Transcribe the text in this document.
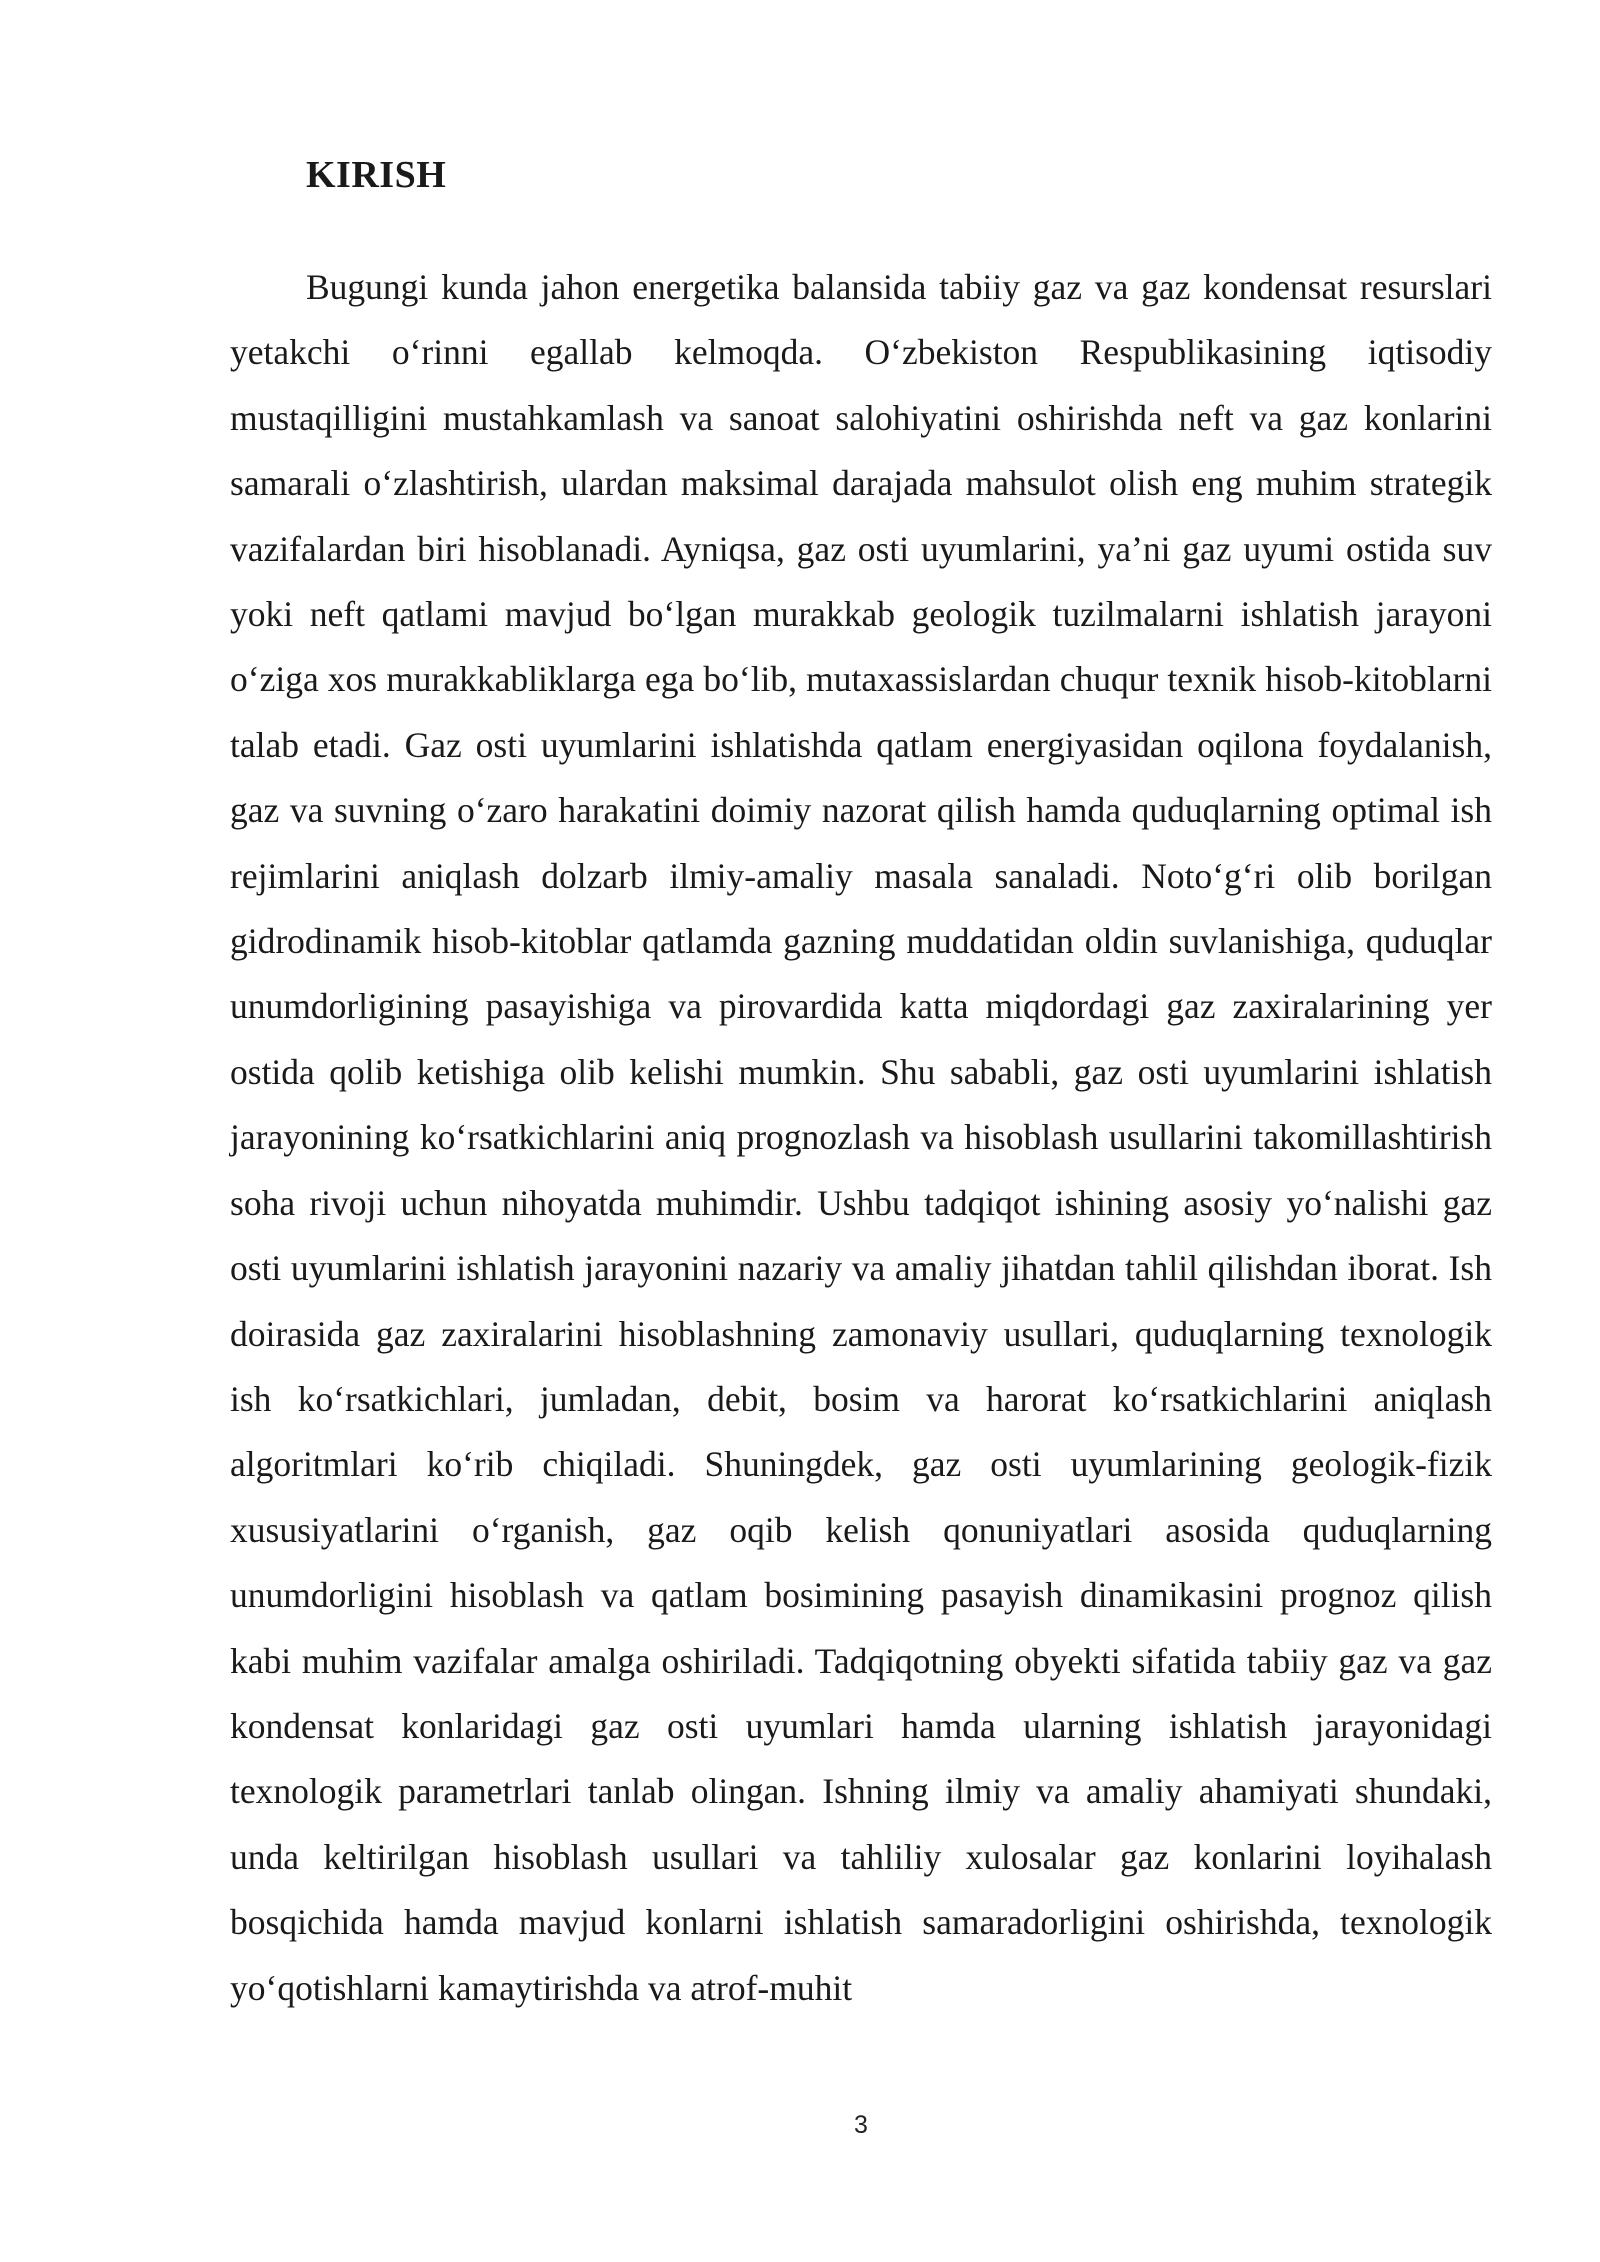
KIRISH

Bugungi kunda jahon energetika balansida tabiiy gaz va gaz kondensat resurslari yetakchi o‘rinni egallab kelmoqda. O‘zbekiston Respublikasining iqtisodiy mustaqilligini mustahkamlash va sanoat salohiyatini oshirishda neft va gaz konlarini samarali o‘zlashtirish, ulardan maksimal darajada mahsulot olish eng muhim strategik vazifalardan biri hisoblanadi. Ayniqsa, gaz osti uyumlarini, ya’ni gaz uyumi ostida suv yoki neft qatlami mavjud bo‘lgan murakkab geologik tuzilmalarni ishlatish jarayoni o‘ziga xos murakkabliklarga ega bo‘lib, mutaxassislardan chuqur texnik hisob-kitoblarni talab etadi. Gaz osti uyumlarini ishlatishda qatlam energiyasidan oqilona foydalanish, gaz va suvning o‘zaro harakatini doimiy nazorat qilish hamda quduqlarning optimal ish rejimlarini aniqlash dolzarb ilmiy-amaliy masala sanaladi. Noto‘g‘ri olib borilgan gidrodinamik hisob-kitoblar qatlamda gazning muddatidan oldin suvlanishiga, quduqlar unumdorligining pasayishiga va pirovardida katta miqdordagi gaz zaxiralarining yer ostida qolib ketishiga olib kelishi mumkin. Shu sababli, gaz osti uyumlarini ishlatish jarayonining ko‘rsatkichlarini aniq prognozlash va hisoblash usullarini takomillashtirish soha rivoji uchun nihoyatda muhimdir. Ushbu tadqiqot ishining asosiy yo‘nalishi gaz osti uyumlarini ishlatish jarayonini nazariy va amaliy jihatdan tahlil qilishdan iborat. Ish doirasida gaz zaxiralarini hisoblashning zamonaviy usullari, quduqlarning texnologik ish ko‘rsatkichlari, jumladan, debit, bosim va harorat ko‘rsatkichlarini aniqlash algoritmlari ko‘rib chiqiladi. Shuningdek, gaz osti uyumlarining geologik-fizik xususiyatlarini o‘rganish, gaz oqib kelish qonuniyatlari asosida quduqlarning unumdorligini hisoblash va qatlam bosimining pasayish dinamikasini prognoz qilish kabi muhim vazifalar amalga oshiriladi. Tadqiqotning obyekti sifatida tabiiy gaz va gaz kondensat konlaridagi gaz osti uyumlari hamda ularning ishlatish jarayonidagi texnologik parametrlari tanlab olingan. Ishning ilmiy va amaliy ahamiyati shundaki, unda keltirilgan hisoblash usullari va tahliliy xulosalar gaz konlarini loyihalash bosqichida hamda mavjud konlarni ishlatish samaradorligini oshirishda, texnologik yo‘qotishlarni kamaytirishda va atrof-muhit

3
